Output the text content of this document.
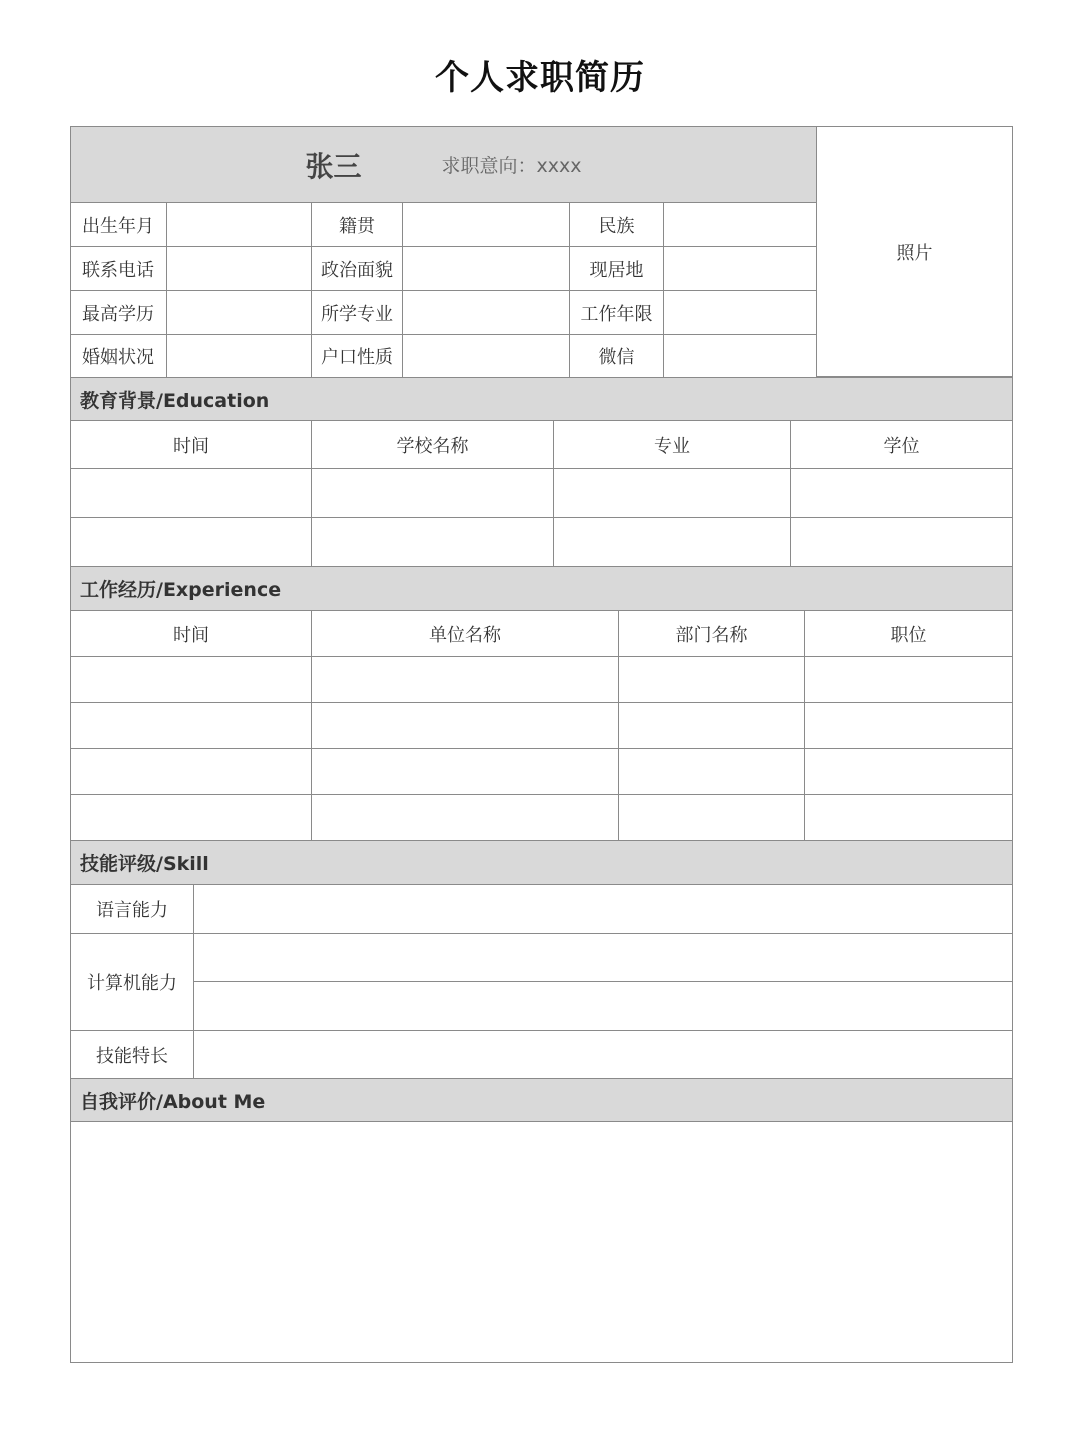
个人求职简历
张三	求职意向：xxxx
照片
出生年月	籍贯	民族
联系电话	政治面貌	现居地
最高学历	所学专业	工作年限
婚姻状况	户口性质	微信
教育背景/Education
时间	学校名称	专业	学位
工作经历/Experience
时间	单位名称	部门名称	职位
技能评级/Skill
语言能力
计算机能力
技能特长
自我评价/About Me
